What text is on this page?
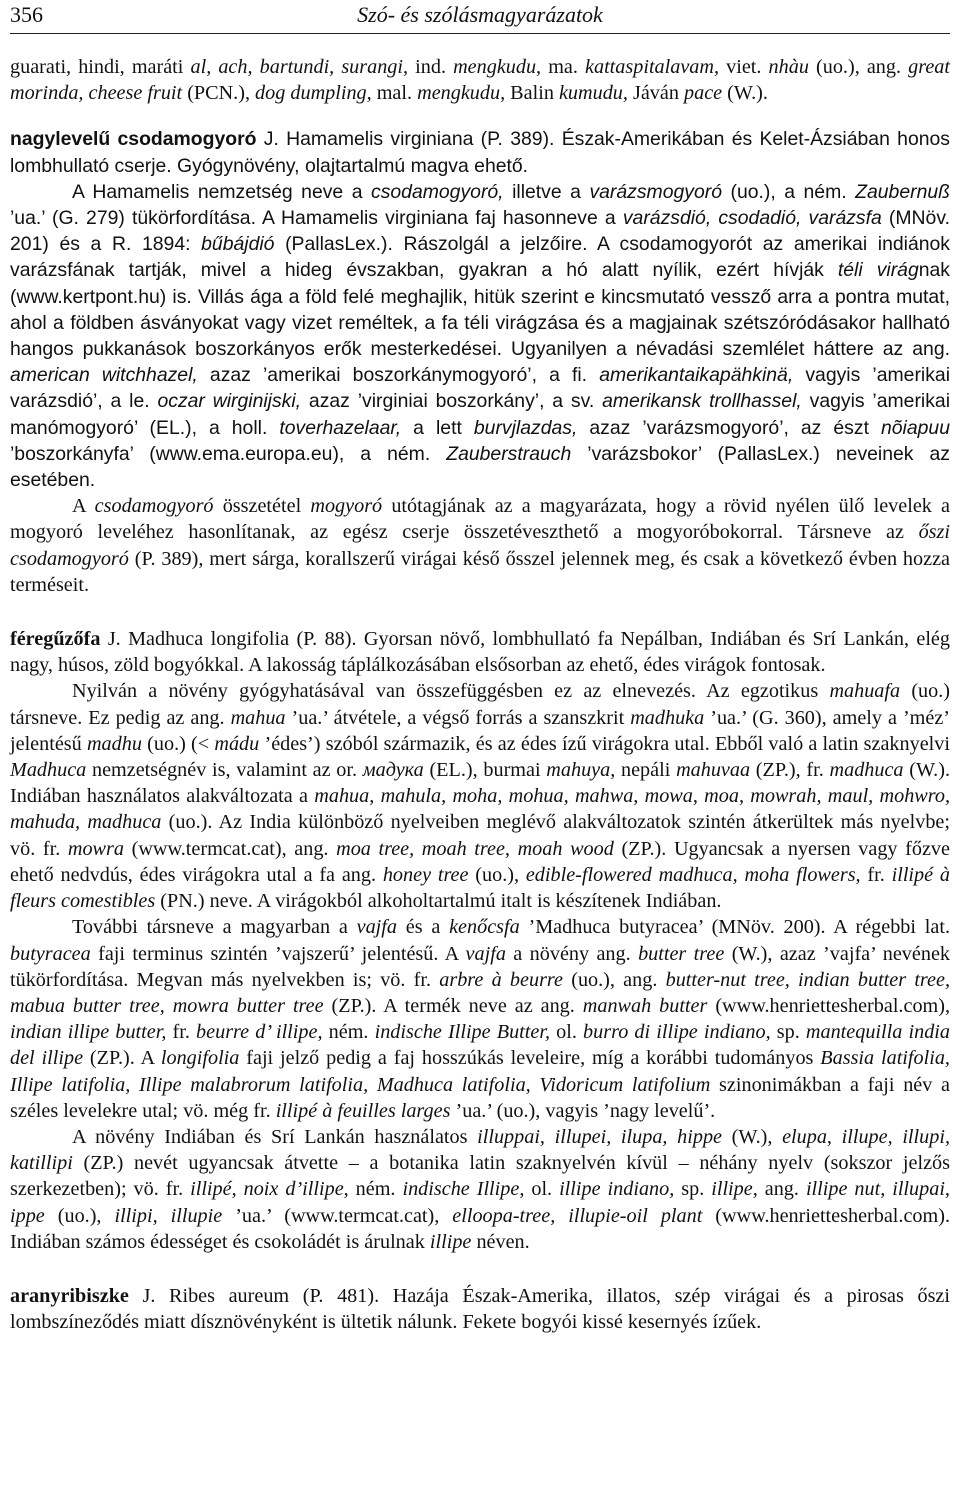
356	Szó- és szólásmagyarázatok

guarati, hindi, maráti al, ach, bartundi, surangi, ind. mengkudu, ma. kattaspitalavam, viet. nhàu (uo.), ang. great morinda, cheese fruit (PCN.), dog dumpling, mal. mengkudu, Balin kumudu, Jáván pace (W.).

nagylevelű csodamogyoró J. Hamamelis virginiana (P. 389). Észak-Amerikában és Kelet-Ázsiában honos lombhullató cserje. Gyógynövény, olajtartalmú magva ehető.

A Hamamelis nemzetség neve a csodamogyoró, illetve a varázsmogyoró (uo.), a ném. Zaubernuß ’ua.’ (G. 279) tükörfordítása. A Hamamelis virginiana faj hasonneve a varázsdió, csodadió, varázsfa (MNöv. 201) és a R. 1894: bűbájdió (PallasLex.). Rászolgál a jelzőire. A csodamogyorót az amerikai indiánok varázsfának tartják, mivel a hideg évszakban, gyakran a hó alatt nyílik, ezért hívják téli virágnak (www.kertpont.hu) is. Villás ága a föld felé meghajlik, hitük szerint e kincsmutató vessző arra a pontra mutat, ahol a földben ásványokat vagy vizet reméltek, a fa téli virágzása és a magjainak szétszóródásakor hallható hangos pukkanások boszorkányos erők mesterkedései. Ugyanilyen a névadási szemlélet háttere az ang. american witchhazel, azaz ’amerikai boszorkánymogyoró’, a fi. amerikantaikapähkinä, vagyis ’amerikai varázsdió’, a le. oczar wirginijski, azaz ’virginiai boszorkány’, a sv. amerikansk trollhassel, vagyis ’amerikai manómogyoró’ (EL.), a holl. toverhazelaar, a lett burvjlazdas, azaz ’varázsmogyoró’, az észt nõiapuu ’boszorkányfa’ (www.ema.europa.eu), a ném. Zauberstrauch ’varázsbokor’ (PallasLex.) neveinek az esetében.

A csodamogyoró összetétel mogyoró utótagjának az a magyarázata, hogy a rövid nyélen ülő levelek a mogyoró leveléhez hasonlítanak, az egész cserje összetéveszthető a mogyoróbokorral. Társneve az őszi csodamogyoró (P. 389), mert sárga, korallszerű virágai késő ősszel jelennek meg, és csak a következő évben hozza terméseit.

féregűzőfa J. Madhuca longifolia (P. 88). Gyorsan növő, lombhullató fa Nepálban, Indiában és Srí Lankán, elég nagy, húsos, zöld bogyókkal. A lakosság táplálkozásában elsősorban az ehető, édes virágok fontosak.

Nyilván a növény gyógyhatásával van összefüggésben ez az elnevezés. Az egzotikus mahuafa (uo.) társneve. Ez pedig az ang. mahua ’ua.’ átvétele, a végső forrás a szanszkrit madhuka ’ua.’ (G. 360), amely a ’méz’ jelentésű madhu (uo.) (< mádu ’édes’) szóból származik, és az édes ízű virágokra utal. Ebből való a latin szaknyelvi Madhuca nemzetségnév is, valamint az or. мадука (EL.), burmai mahuya, nepáli mahuvaa (ZP.), fr. madhuca (W.). Indiában használatos alakváltozata a mahua, mahula, moha, mohua, mahwa, mowa, moa, mowrah, maul, mohwro, mahuda, madhuca (uo.). Az India különböző nyelveiben meglévő alakváltozatok szintén átkerültek más nyelvbe; vö. fr. mowra (www.termcat.cat), ang. moa tree, moah tree, moah wood (ZP.). Ugyancsak a nyersen vagy főzve ehető nedvdús, édes virágokra utal a fa ang. honey tree (uo.), edible-flowered madhuca, moha flowers, fr. illipé à fleurs comestibles (PN.) neve. A virágokból alkoholtartalmú italt is készítenek Indiában.

További társneve a magyarban a vajfa és a kenőcsfa ’Madhuca butyracea’ (MNöv. 200). A régebbi lat. butyracea faji terminus szintén ’vajszerű’ jelentésű. A vajfa a növény ang. butter tree (W.), azaz ’vajfa’ nevének tükörfordítása. Megvan más nyelvekben is; vö. fr. arbre à beurre (uo.), ang. butter-nut tree, indian butter tree, mabua butter tree, mowra butter tree (ZP.). A termék neve az ang. manwah butter (www.henriettesherbal.com), indian illipe butter, fr. beurre d’ illipe, ném. indische Illipe Butter, ol. burro di illipe indiano, sp. mantequilla india del illipe (ZP.). A longifolia faji jelző pedig a faj hosszúkás leveleire, míg a korábbi tudományos Bassia latifolia, Illipe latifolia, Illipe malabrorum latifolia, Madhuca latifolia, Vidoricum latifolium szinonimákban a faji név a széles levelekre utal; vö. még fr. illipé à feuilles larges ’ua.’ (uo.), vagyis ’nagy levelű’.

A növény Indiában és Srí Lankán használatos illuppai, illupei, ilupa, hippe (W.), elupa, illupe, illupi, katillipi (ZP.) nevét ugyancsak átvette – a botanika latin szaknyelvén kívül – néhány nyelv (sokszor jelzős szerkezetben); vö. fr. illipé, noix d’illipe, ném. indische Illipe, ol. illipe indiano, sp. illipe, ang. illipe nut, illupai, ippe (uo.), illipi, illupie ’ua.’ (www.termcat.cat), elloopa-tree, illupie-oil plant (www.henriettesherbal.com). Indiában számos édességet és csokoládét is árulnak illipe néven.

aranyribiszke J. Ribes aureum (P. 481). Hazája Észak-Amerika, illatos, szép virágai és a pirosas őszi lombszíneződés miatt dísznövényként is ültetik nálunk. Fekete bogyói kissé kesernyés ízűek.
